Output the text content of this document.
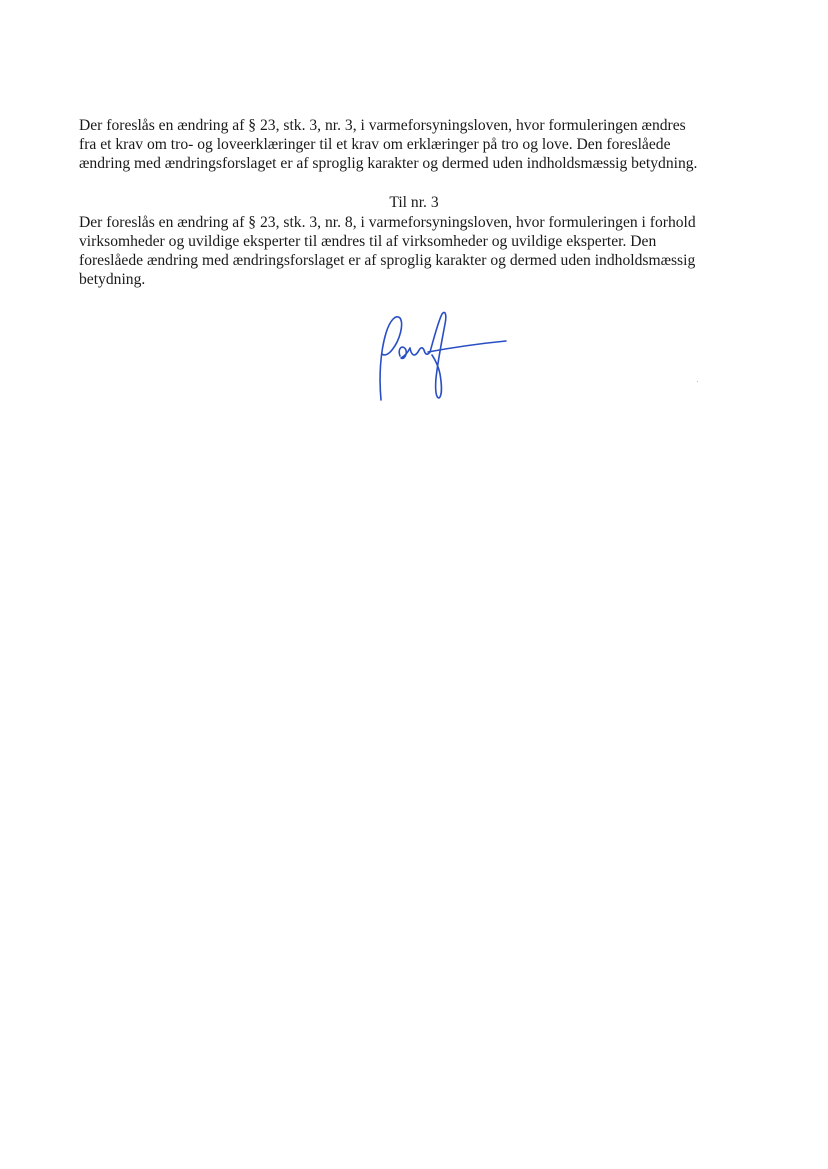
Der foreslås en ændring af § 23, stk. 3, nr. 3, i varmeforsyningsloven, hvor formuleringen ændres
fra et krav om tro- og loveerklæringer til et krav om erklæringer på tro og love. Den foreslåede
ændring med ændringsforslaget er af sproglig karakter og dermed uden indholdsmæssig betydning.

Til nr. 3

Der foreslås en ændring af § 23, stk. 3, nr. 8, i varmeforsyningsloven, hvor formuleringen i forhold
virksomheder og uvildige eksperter til ændres til af virksomheder og uvildige eksperter. Den
foreslåede ændring med ændringsforslaget er af sproglig karakter og dermed uden indholdsmæssig
betydning.
